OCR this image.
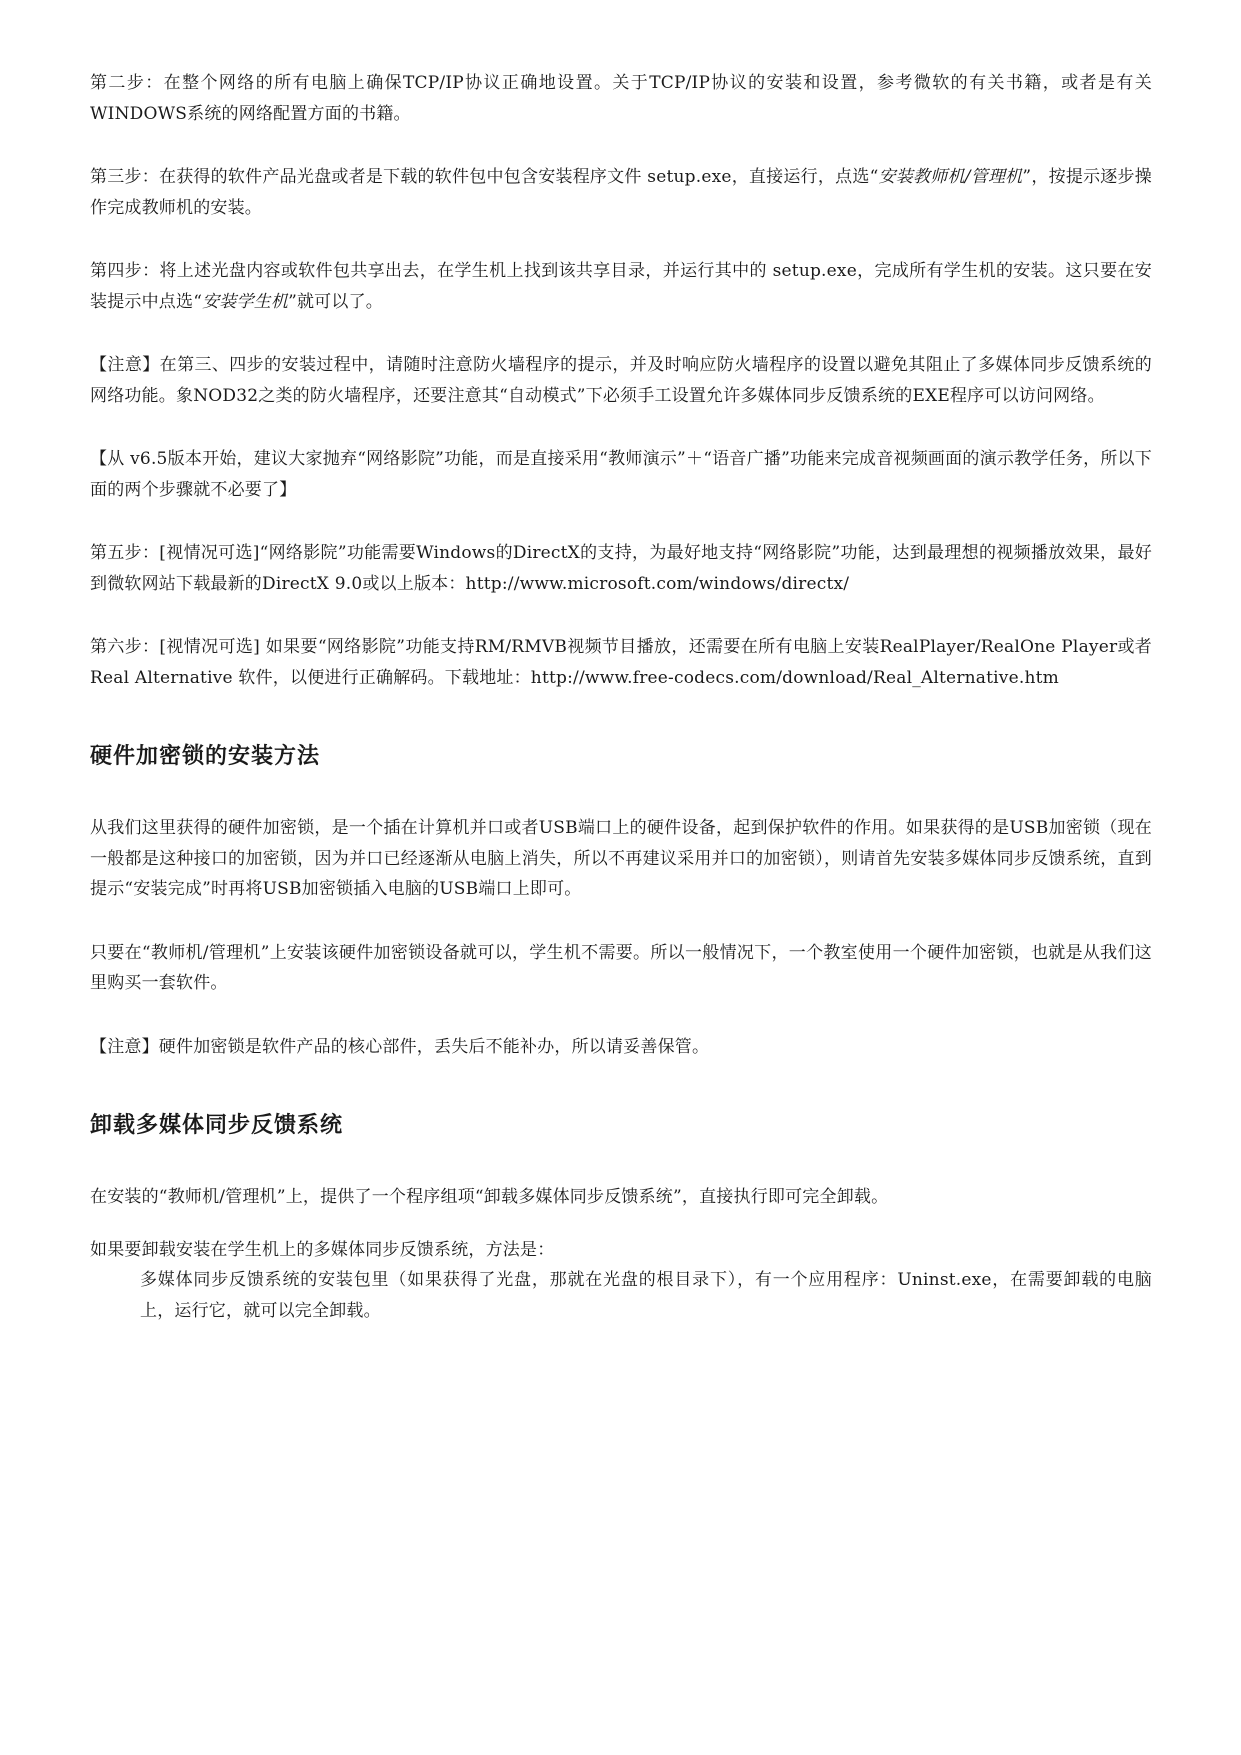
第二步：在整个网络的所有电脑上确保TCP/IP协议正确地设置。关于TCP/IP协议的安装和设置，参考微软的有关书籍，或者是有关WINDOWS系统的网络配置方面的书籍。

第三步：在获得的软件产品光盘或者是下载的软件包中包含安装程序文件 setup.exe，直接运行，点选“安装教师机/管理机”，按提示逐步操作完成教师机的安装。

第四步：将上述光盘内容或软件包共享出去，在学生机上找到该共享目录，并运行其中的 setup.exe，完成所有学生机的安装。这只要在安装提示中点选“安装学生机”就可以了。

【注意】在第三、四步的安装过程中，请随时注意防火墙程序的提示，并及时响应防火墙程序的设置以避免其阻止了多媒体同步反馈系统的网络功能。象NOD32之类的防火墙程序，还要注意其“自动模式”下必须手工设置允许多媒体同步反馈系统的EXE程序可以访问网络。

【从 v6.5版本开始，建议大家抛弃“网络影院”功能，而是直接采用“教师演示”＋“语音广播”功能来完成音视频画面的演示教学任务，所以下面的两个步骤就不必要了】

第五步：[视情况可选]“网络影院”功能需要Windows的DirectX的支持，为最好地支持“网络影院”功能，达到最理想的视频播放效果，最好到微软网站下载最新的DirectX 9.0或以上版本：http://www.microsoft.com/windows/directx/

第六步：[视情况可选] 如果要“网络影院”功能支持RM/RMVB视频节目播放，还需要在所有电脑上安装RealPlayer/RealOne Player或者 Real Alternative 软件，以便进行正确解码。下载地址：http://www.free-codecs.com/download/Real_Alternative.htm

硬件加密锁的安装方法

从我们这里获得的硬件加密锁，是一个插在计算机并口或者USB端口上的硬件设备，起到保护软件的作用。如果获得的是USB加密锁（现在一般都是这种接口的加密锁，因为并口已经逐渐从电脑上消失，所以不再建议采用并口的加密锁），则请首先安装多媒体同步反馈系统，直到提示“安装完成”时再将USB加密锁插入电脑的USB端口上即可。

只要在“教师机/管理机”上安装该硬件加密锁设备就可以，学生机不需要。所以一般情况下，一个教室使用一个硬件加密锁，也就是从我们这里购买一套软件。

【注意】硬件加密锁是软件产品的核心部件，丢失后不能补办，所以请妥善保管。

卸载多媒体同步反馈系统

在安装的“教师机/管理机”上，提供了一个程序组项“卸载多媒体同步反馈系统”，直接执行即可完全卸载。

如果要卸载安装在学生机上的多媒体同步反馈系统，方法是：

多媒体同步反馈系统的安装包里（如果获得了光盘，那就在光盘的根目录下），有一个应用程序：Uninst.exe，在需要卸载的电脑上，运行它，就可以完全卸载。
